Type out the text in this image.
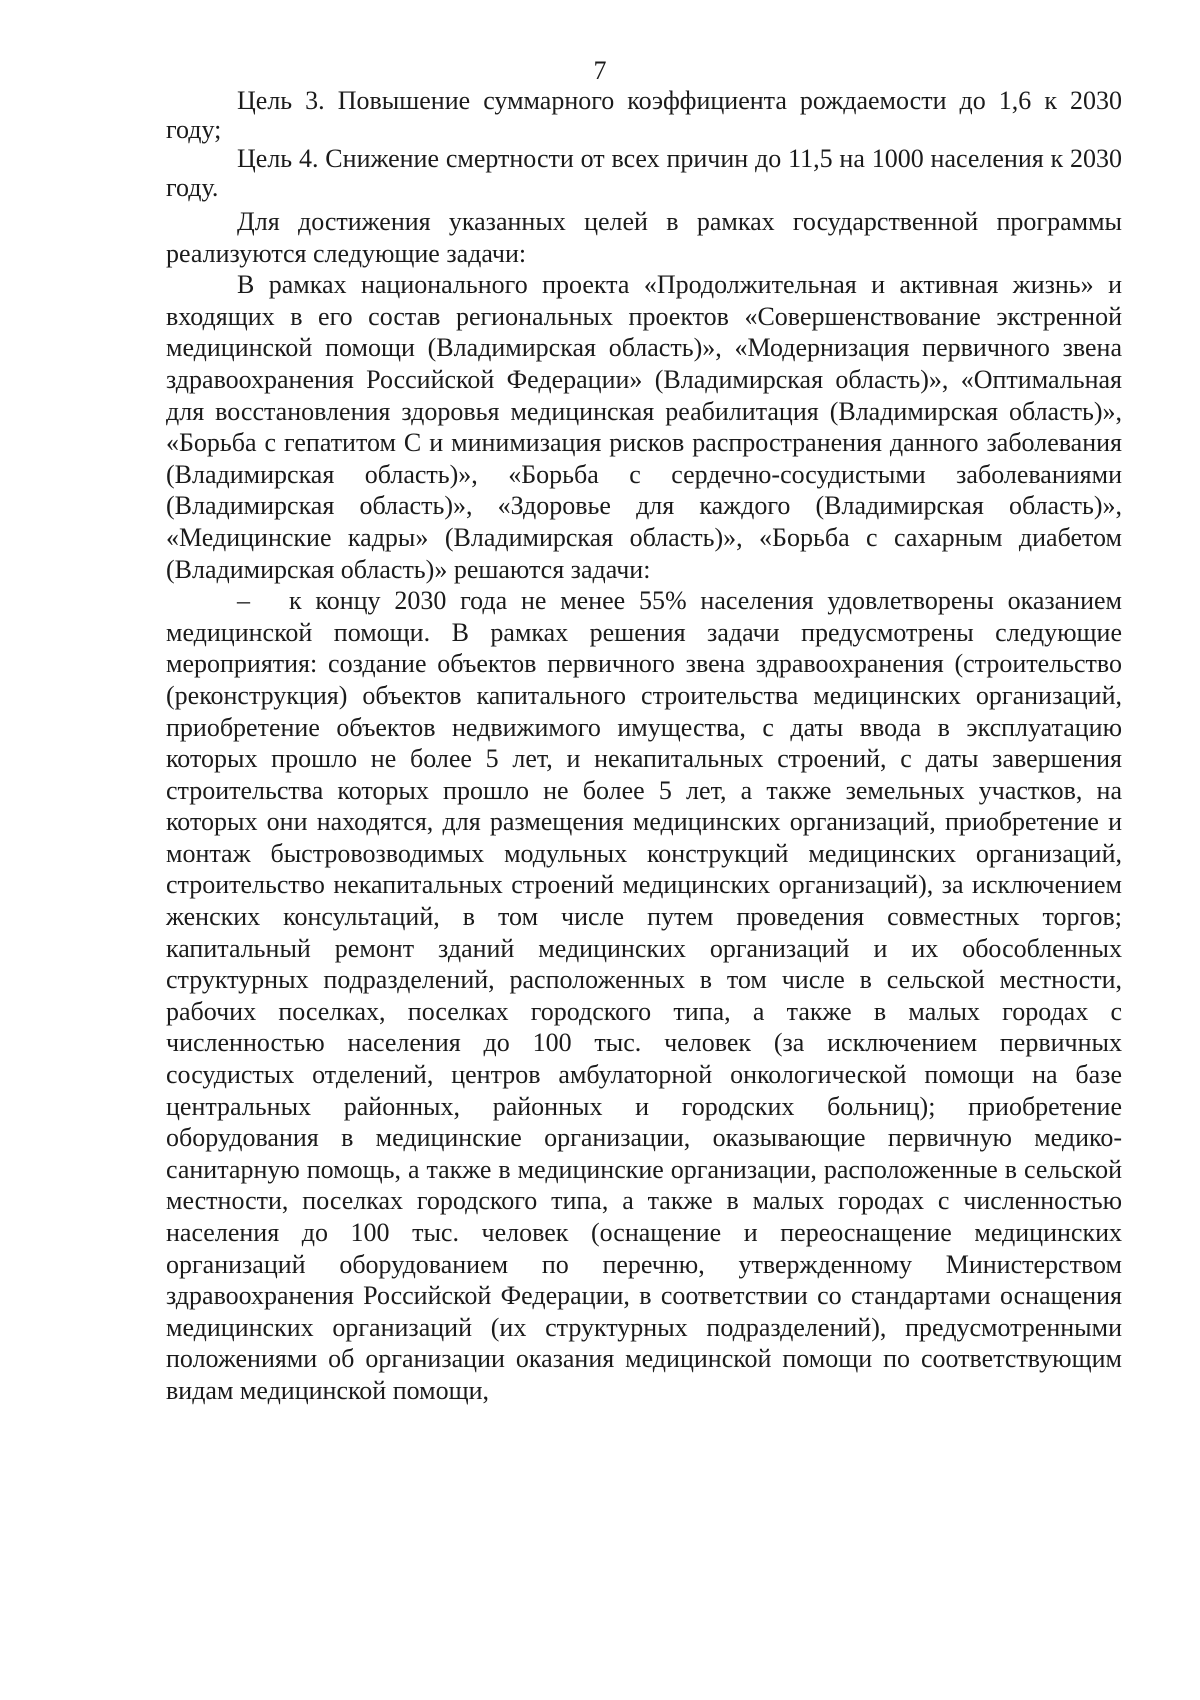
7

Цель 3. Повышение суммарного коэффициента рождаемости до 1,6 к 2030 году;

Цель 4. Снижение смертности от всех причин до 11,5 на 1000 населения к 2030 году.

Для достижения указанных целей в рамках государственной программы реализуются следующие задачи:

В рамках национального проекта «Продолжительная и активная жизнь» и входящих в его состав региональных проектов «Совершенствование экстренной медицинской помощи (Владимирская область)», «Модернизация первичного звена здравоохранения Российской Федерации» (Владимирская область)», «Оптимальная для восстановления здоровья медицинская реабилитация (Владимирская область)», «Борьба с гепатитом С и минимизация рисков распространения данного заболевания (Владимирская область)», «Борьба с сердечно-сосудистыми заболеваниями (Владимирская область)», «Здоровье для каждого (Владимирская область)», «Медицинские кадры» (Владимирская область)», «Борьба с сахарным диабетом (Владимирская область)» решаются задачи:

– к концу 2030 года не менее 55% населения удовлетворены оказанием медицинской помощи. В рамках решения задачи предусмотрены следующие мероприятия: создание объектов первичного звена здравоохранения (строительство (реконструкция) объектов капитального строительства медицинских организаций, приобретение объектов недвижимого имущества, с даты ввода в эксплуатацию которых прошло не более 5 лет, и некапитальных строений, с даты завершения строительства которых прошло не более 5 лет, а также земельных участков, на которых они находятся, для размещения медицинских организаций, приобретение и монтаж быстровозводимых модульных конструкций медицинских организаций, строительство некапитальных строений медицинских организаций), за исключением женских консультаций, в том числе путем проведения совместных торгов; капитальный ремонт зданий медицинских организаций и их обособленных структурных подразделений, расположенных в том числе в сельской местности, рабочих поселках, поселках городского типа, а также в малых городах с численностью населения до 100 тыс. человек (за исключением первичных сосудистых отделений, центров амбулаторной онкологической помощи на базе центральных районных, районных и городских больниц); приобретение оборудования в медицинские организации, оказывающие первичную медико-санитарную помощь, а также в медицинские организации, расположенные в сельской местности, поселках городского типа, а также в малых городах с численностью населения до 100 тыс. человек (оснащение и переоснащение медицинских организаций оборудованием по перечню, утвержденному Министерством здравоохранения Российской Федерации, в соответствии со стандартами оснащения медицинских организаций (их структурных подразделений), предусмотренными положениями об организации оказания медицинской помощи по соответствующим видам медицинской помощи,
